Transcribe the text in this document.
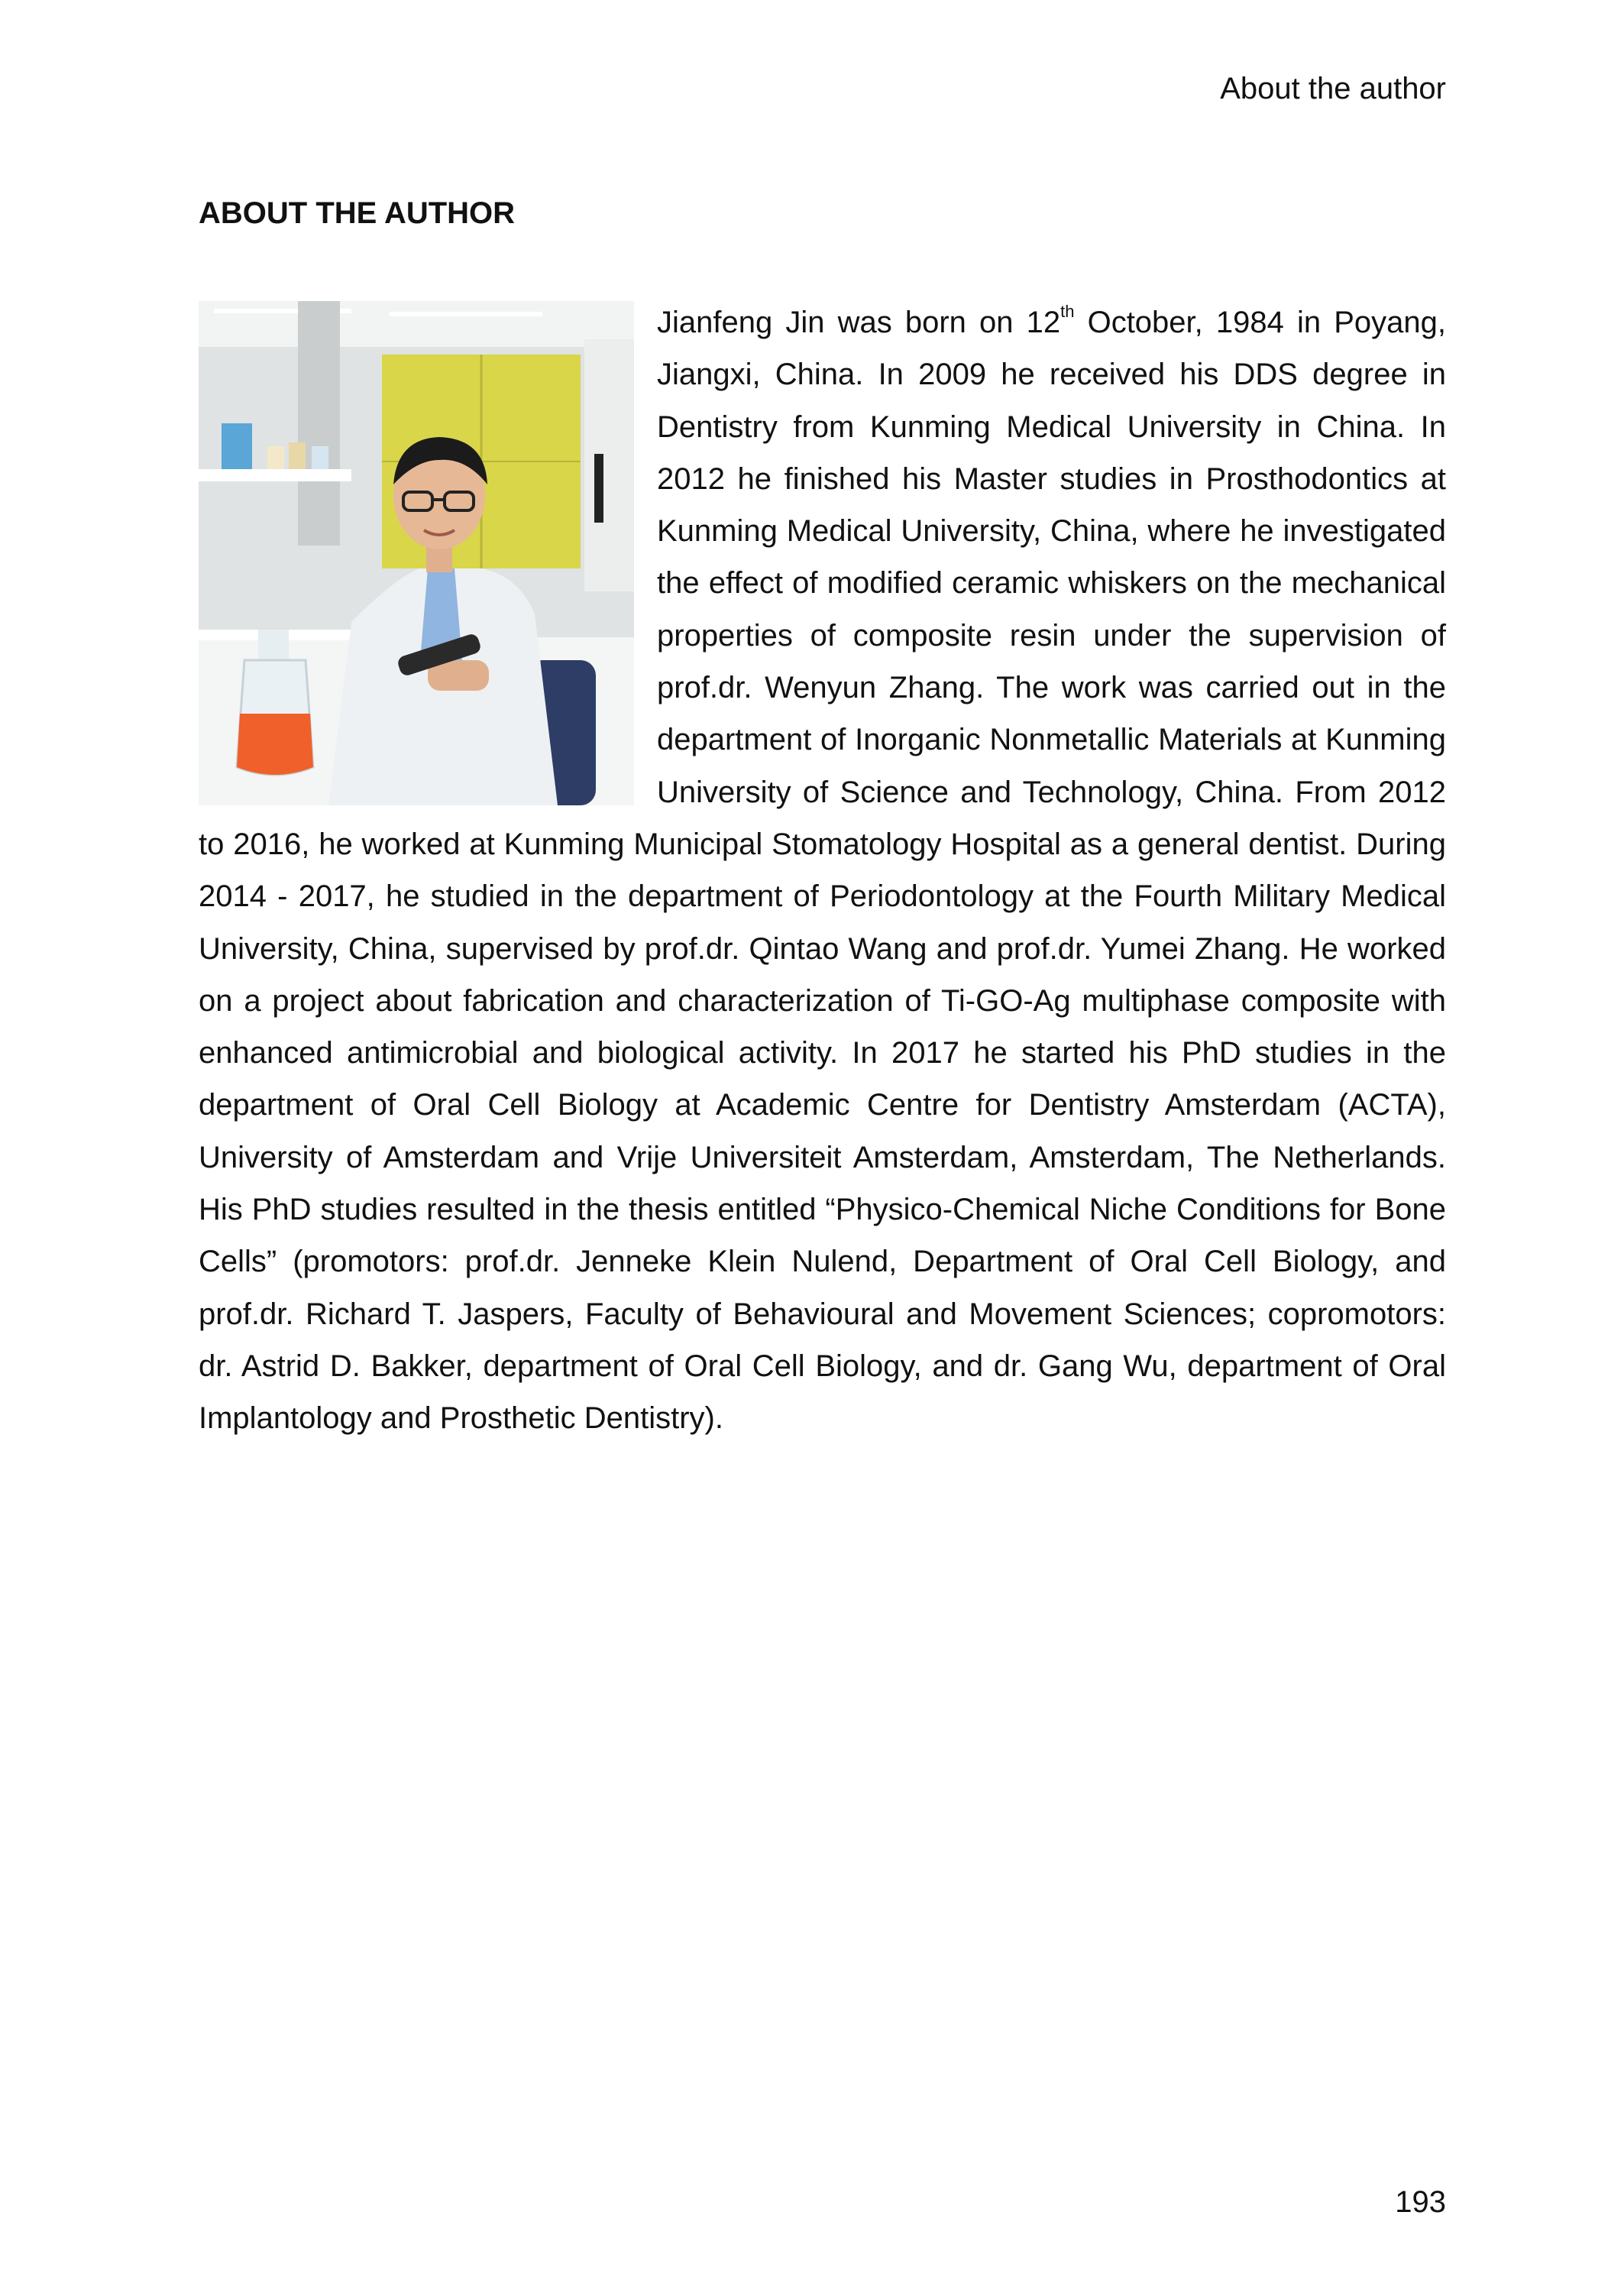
About the author
ABOUT THE AUTHOR
Jianfeng Jin was born on 12th October, 1984 in Poyang, Jiangxi, China. In 2009 he received his DDS degree in Dentistry from Kunming Medical University in China. In 2012 he finished his Master studies in Prosthodontics at Kunming Medical University, China, where he investigated the effect of modified ceramic whiskers on the mechanical properties of composite resin under the supervision of prof.dr. Wenyun Zhang. The work was carried out in the department of Inorganic Nonmetallic Materials at Kunming University of Science and Technology, China. From 2012 to 2016, he worked at Kunming Municipal Stomatology Hospital as a general dentist. During 2014 - 2017, he studied in the department of Periodontology at the Fourth Military Medical University, China, supervised by prof.dr. Qintao Wang and prof.dr. Yumei Zhang. He worked on a project about fabrication and characterization of Ti-GO-Ag multiphase composite with enhanced antimicrobial and biological activity. In 2017 he started his PhD studies in the department of Oral Cell Biology at Academic Centre for Dentistry Amsterdam (ACTA), University of Amsterdam and Vrije Universiteit Amsterdam, Amsterdam, The Netherlands. His PhD studies resulted in the thesis entitled “Physico-Chemical Niche Conditions for Bone Cells” (promotors: prof.dr. Jenneke Klein Nulend, Department of Oral Cell Biology, and prof.dr. Richard T. Jaspers, Faculty of Behavioural and Movement Sciences; copromotors: dr. Astrid D. Bakker, department of Oral Cell Biology, and dr. Gang Wu, department of Oral Implantology and Prosthetic Dentistry).
193
